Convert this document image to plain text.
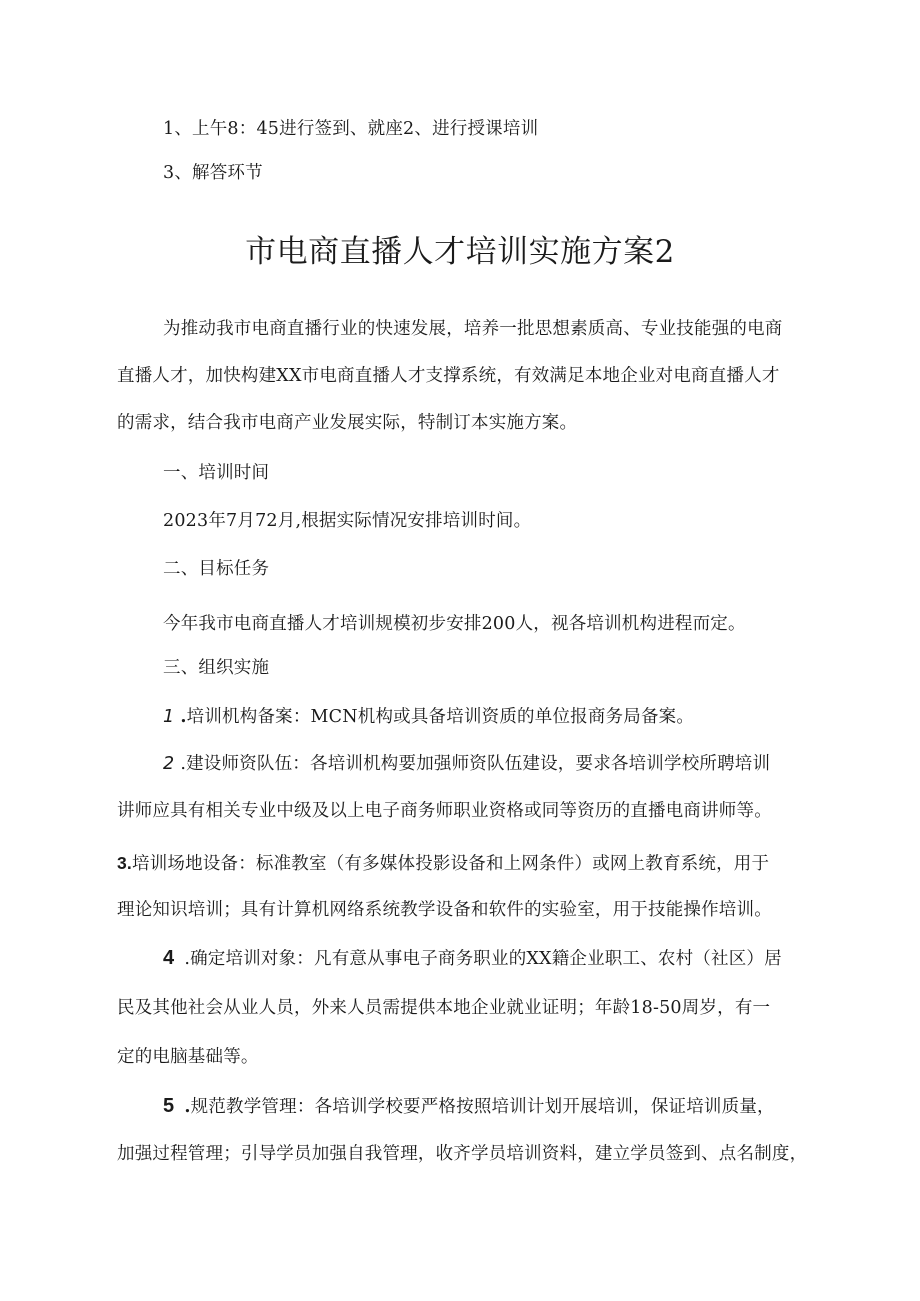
1、上午8：45进行签到、就座2、进行授课培训
3、解答环节
市电商直播人才培训实施方案2
为推动我市电商直播行业的快速发展，培养一批思想素质高、专业技能强的电商
直播人才，加快构建XX市电商直播人才支撑系统，有效满足本地企业对电商直播人才
的需求，结合我市电商产业发展实际，特制订本实施方案。
一、培训时间
2023年7月72月,根据实际情况安排培训时间。
二、目标任务
今年我市电商直播人才培训规模初步安排200人，视各培训机构进程而定。
三、组织实施
1 .培训机构备案：MCN机构或具备培训资质的单位报商务局备案。
2 .建设师资队伍：各培训机构要加强师资队伍建设，要求各培训学校所聘培训
讲师应具有相关专业中级及以上电子商务师职业资格或同等资历的直播电商讲师等。
3.培训场地设备：标准教室（有多媒体投影设备和上网条件）或网上教育系统，用于
理论知识培训；具有计算机网络系统教学设备和软件的实验室，用于技能操作培训。
4 .确定培训对象：凡有意从事电子商务职业的XX籍企业职工、农村（社区）居
民及其他社会从业人员，外来人员需提供本地企业就业证明；年龄18-50周岁，有一
定的电脑基础等。
5 .规范教学管理：各培训学校要严格按照培训计划开展培训，保证培训质量，
加强过程管理；引导学员加强自我管理，收齐学员培训资料，建立学员签到、点名制度，
